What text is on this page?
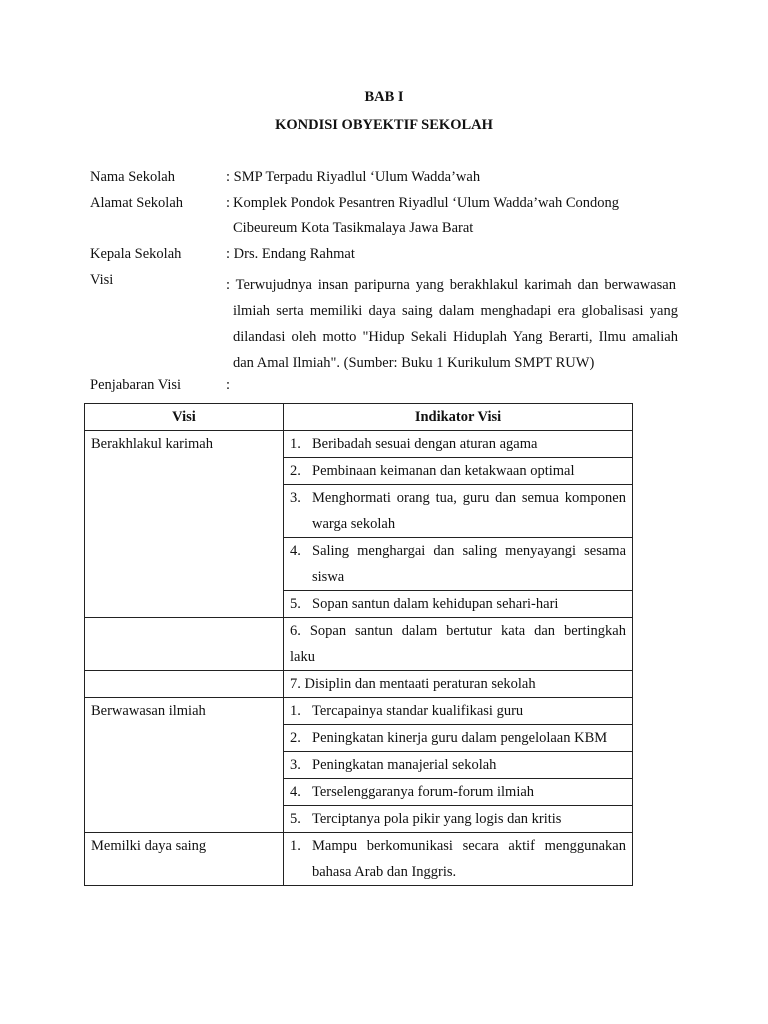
BAB I
KONDISI OBYEKTIF SEKOLAH
Nama Sekolah	: SMP Terpadu Riyadlul ‘Ulum Wadda’wah
Alamat Sekolah	: Komplek Pondok Pesantren Riyadlul ‘Ulum Wadda’wah Condong
Cibeureum Kota Tasikmalaya Jawa Barat
Kepala Sekolah	: Drs. Endang Rahmat
Visi	: Terwujudnya insan paripurna yang berakhlakul karimah dan berwawasan
ilmiah serta memiliki daya saing dalam menghadapi era globalisasi yang
dilandasi oleh motto "Hidup Sekali Hiduplah Yang Berarti, Ilmu amaliah
dan Amal Ilmiah". (Sumber: Buku 1 Kurikulum SMPT RUW)
Penjabaran Visi	:
Visi	Indikator Visi
Berakhlakul karimah	1. Beribadah sesuai dengan aturan agama
	2. Pembinaan keimanan dan ketakwaan optimal

	3. Menghormati orang tua, guru dan semua komponen
warga sekolah

	4. Saling menghargai dan saling menyayangi sesama
siswa

	5. Sopan santun dalam kehidupan sehari-hari

	6. Sopan santun dalam bertutur kata dan bertingkah
laku

	7. Disiplin dan mentaati peraturan sekolah
Berwawasan ilmiah	1. Tercapainya standar kualifikasi guru
	2. Peningkatan kinerja guru dalam pengelolaan KBM
	3. Peningkatan manajerial sekolah
	4. Terselenggaranya forum-forum ilmiah
	5. Terciptanya pola pikir yang logis dan kritis
Memilki daya saing	1. Mampu berkomunikasi secara aktif menggunakan
bahasa Arab dan Inggris.
